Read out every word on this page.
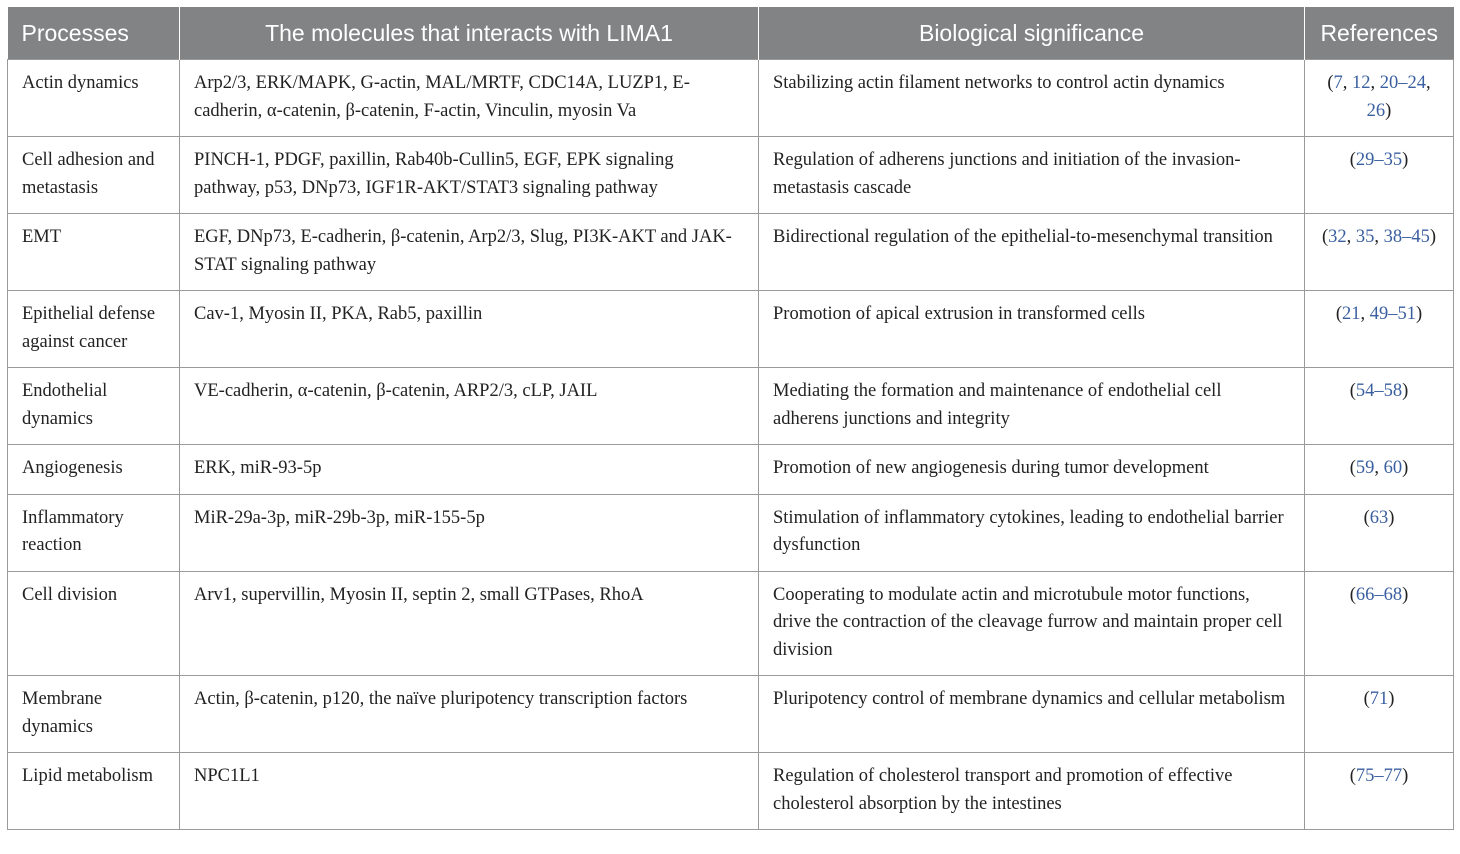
Processes	The molecules that interacts with LIMA1	Biological significance	References
Actin dynamics	Arp2/3, ERK/MAPK, G-actin, MAL/MRTF, CDC14A, LUZP1, E-cadherin, α-catenin, β-catenin, F-actin, Vinculin, myosin Va	Stabilizing actin filament networks to control actin dynamics	(7, 12, 20–24, 26)
Cell adhesion and metastasis	PINCH-1, PDGF, paxillin, Rab40b-Cullin5, EGF, EPK signaling pathway, p53, DNp73, IGF1R-AKT/STAT3 signaling pathway	Regulation of adherens junctions and initiation of the invasion-metastasis cascade	(29–35)
EMT	EGF, DNp73, E-cadherin, β-catenin, Arp2/3, Slug, PI3K-AKT and JAK-STAT signaling pathway	Bidirectional regulation of the epithelial-to-mesenchymal transition	(32, 35, 38–45)
Epithelial defense against cancer	Cav-1, Myosin II, PKA, Rab5, paxillin	Promotion of apical extrusion in transformed cells	(21, 49–51)
Endothelial dynamics	VE-cadherin, α-catenin, β-catenin, ARP2/3, cLP, JAIL	Mediating the formation and maintenance of endothelial cell adherens junctions and integrity	(54–58)
Angiogenesis	ERK, miR-93-5p	Promotion of new angiogenesis during tumor development	(59, 60)
Inflammatory reaction	MiR-29a-3p, miR-29b-3p, miR-155-5p	Stimulation of inflammatory cytokines, leading to endothelial barrier dysfunction	(63)
Cell division	Arv1, supervillin, Myosin II, septin 2, small GTPases, RhoA	Cooperating to modulate actin and microtubule motor functions, drive the contraction of the cleavage furrow and maintain proper cell division	(66–68)
Membrane dynamics	Actin, β-catenin, p120, the naïve pluripotency transcription factors	Pluripotency control of membrane dynamics and cellular metabolism	(71)
Lipid metabolism	NPC1L1	Regulation of cholesterol transport and promotion of effective cholesterol absorption by the intestines	(75–77)
